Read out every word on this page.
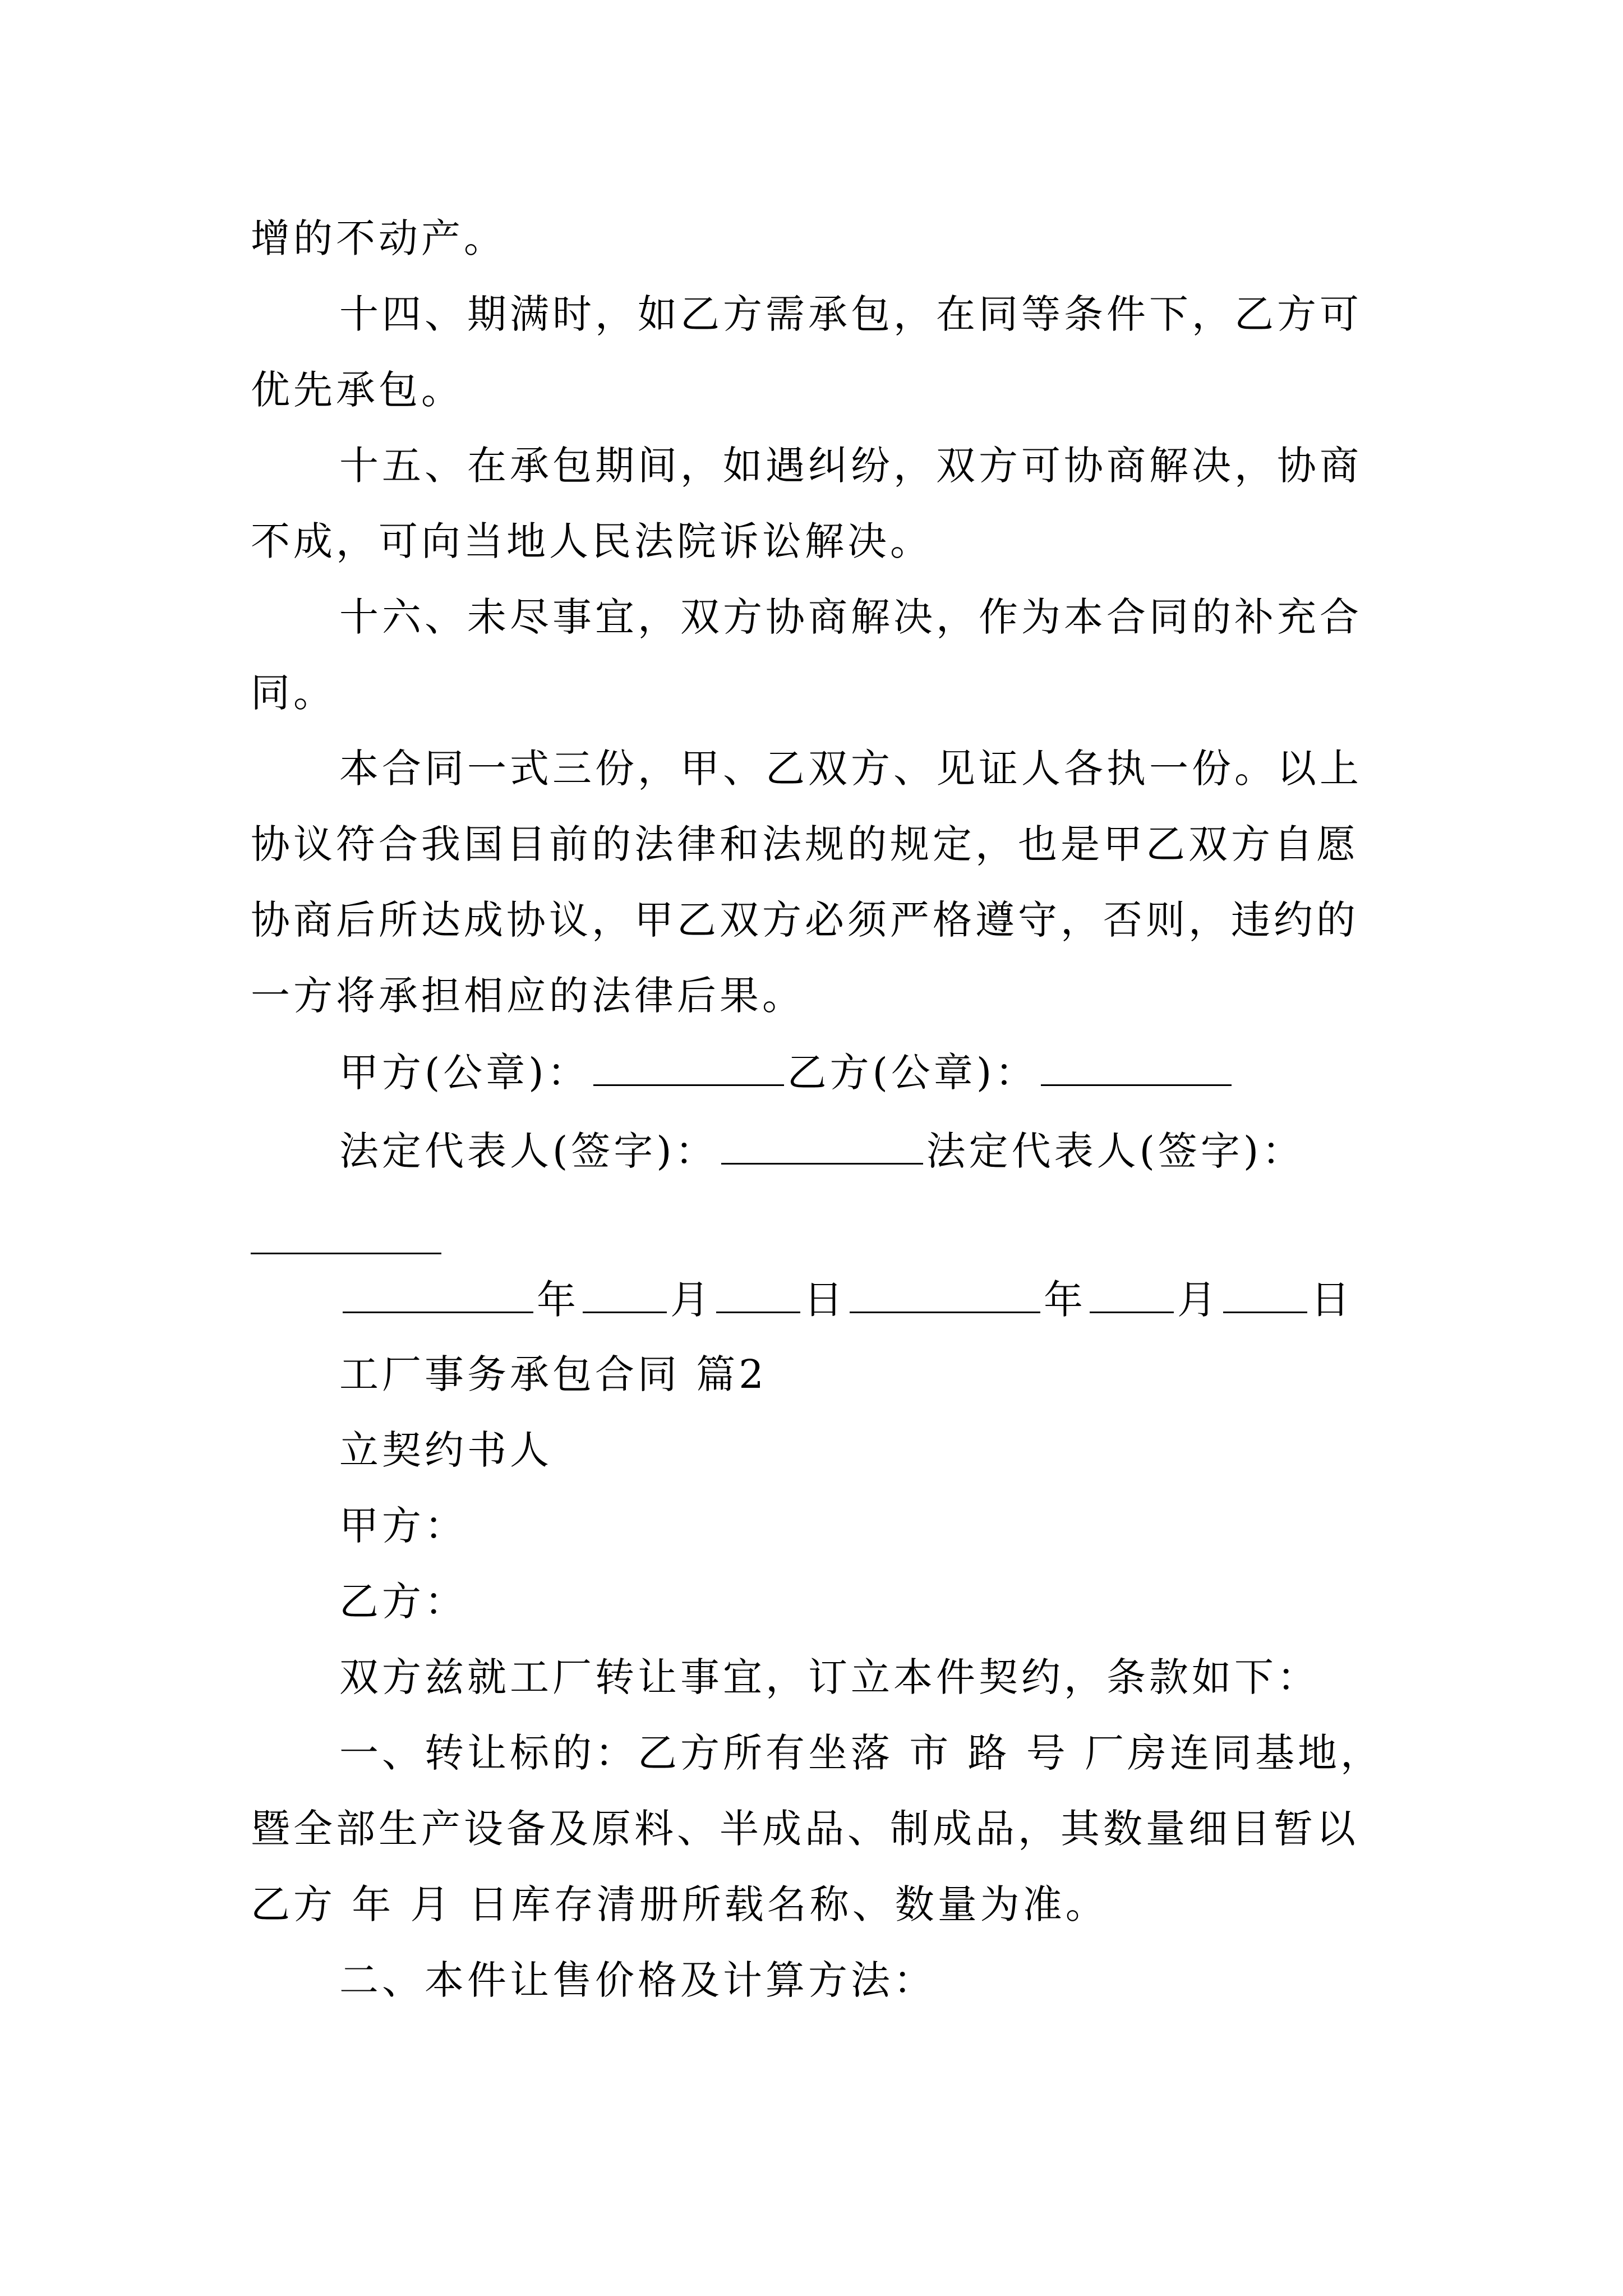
增的不动产。
十四、期满时，如乙方需承包，在同等条件下，乙方可
优先承包。
十五、在承包期间，如遇纠纷，双方可协商解决，协商
不成，可向当地人民法院诉讼解决。
十六、未尽事宜，双方协商解决，作为本合同的补充合
同。
本合同一式三份，甲、乙双方、见证人各执一份。以上
协议符合我国目前的法律和法规的规定，也是甲乙双方自愿
协商后所达成协议，甲乙双方必须严格遵守，否则，违约的
一方将承担相应的法律后果。
甲方(公章)：	乙方(公章)：
法定代表人(签字)：	法定代表人(签字)：
年 月 日	年 月 日
工厂事务承包合同 篇2
立契约书人
甲方：
乙方：
双方兹就工厂转让事宜，订立本件契约，条款如下：
一、转让标的：乙方所有坐落 市 路 号 厂房连同基地，
暨全部生产设备及原料、半成品、制成品，其数量细目暂以
乙方 年 月 日库存清册所载名称、数量为准。
二、本件让售价格及计算方法：
